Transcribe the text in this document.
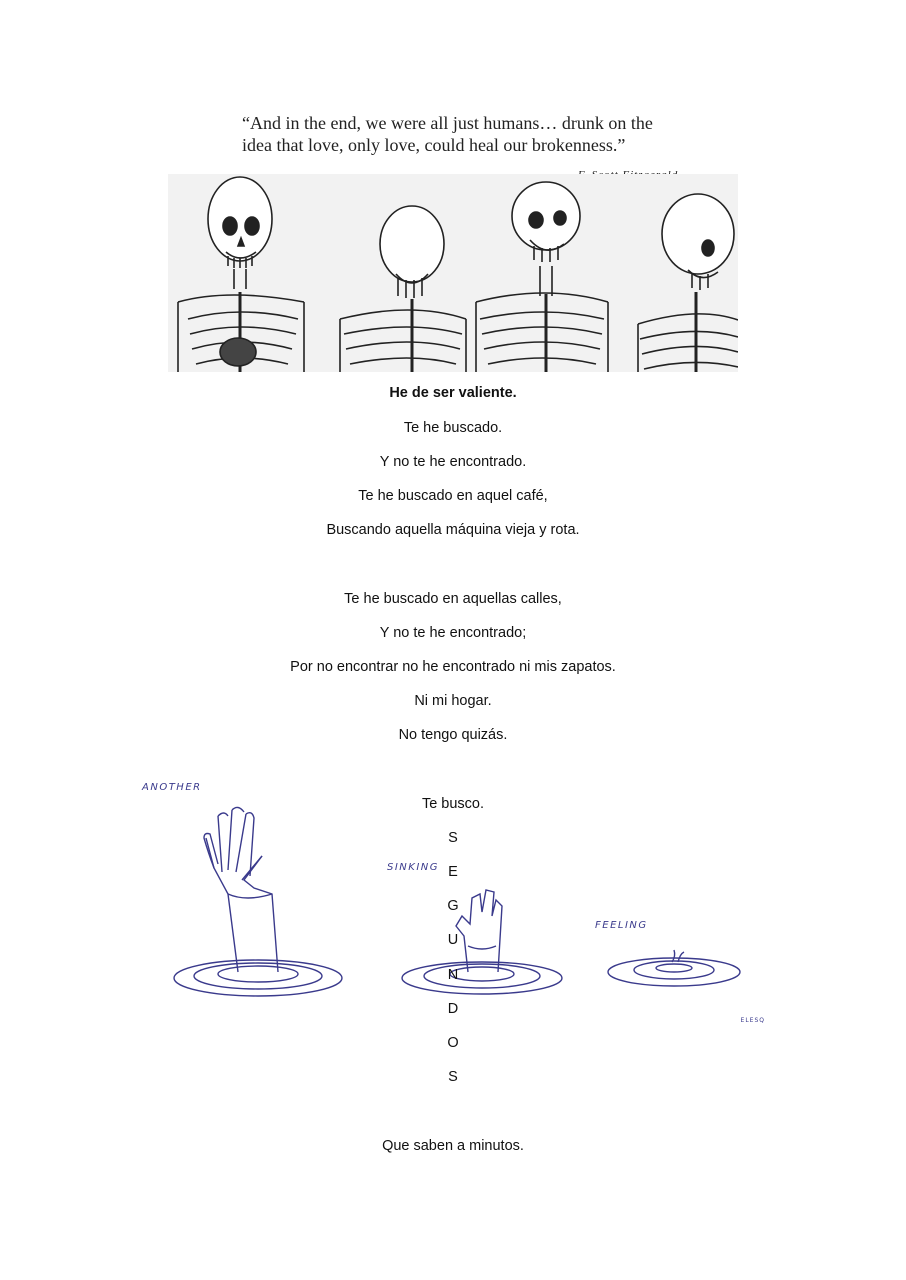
“And in the end, we were all just humans… drunk on the
idea that love, only love, could heal our brokenness.”
ANOTHER
SINKING
FEELING
ELESQ
He de ser valiente.
Te he buscado.
Y no te he encontrado.
Te he buscado en aquel café,
Buscando aquella máquina vieja y rota.
Te he buscado en aquellas calles,
Y no te he encontrado;
Por no encontrar no he encontrado ni mis zapatos.
Ni mi hogar.
No tengo quizás.
Te busco.
S
E
G
U
N
D
O
S
Que saben a minutos.
